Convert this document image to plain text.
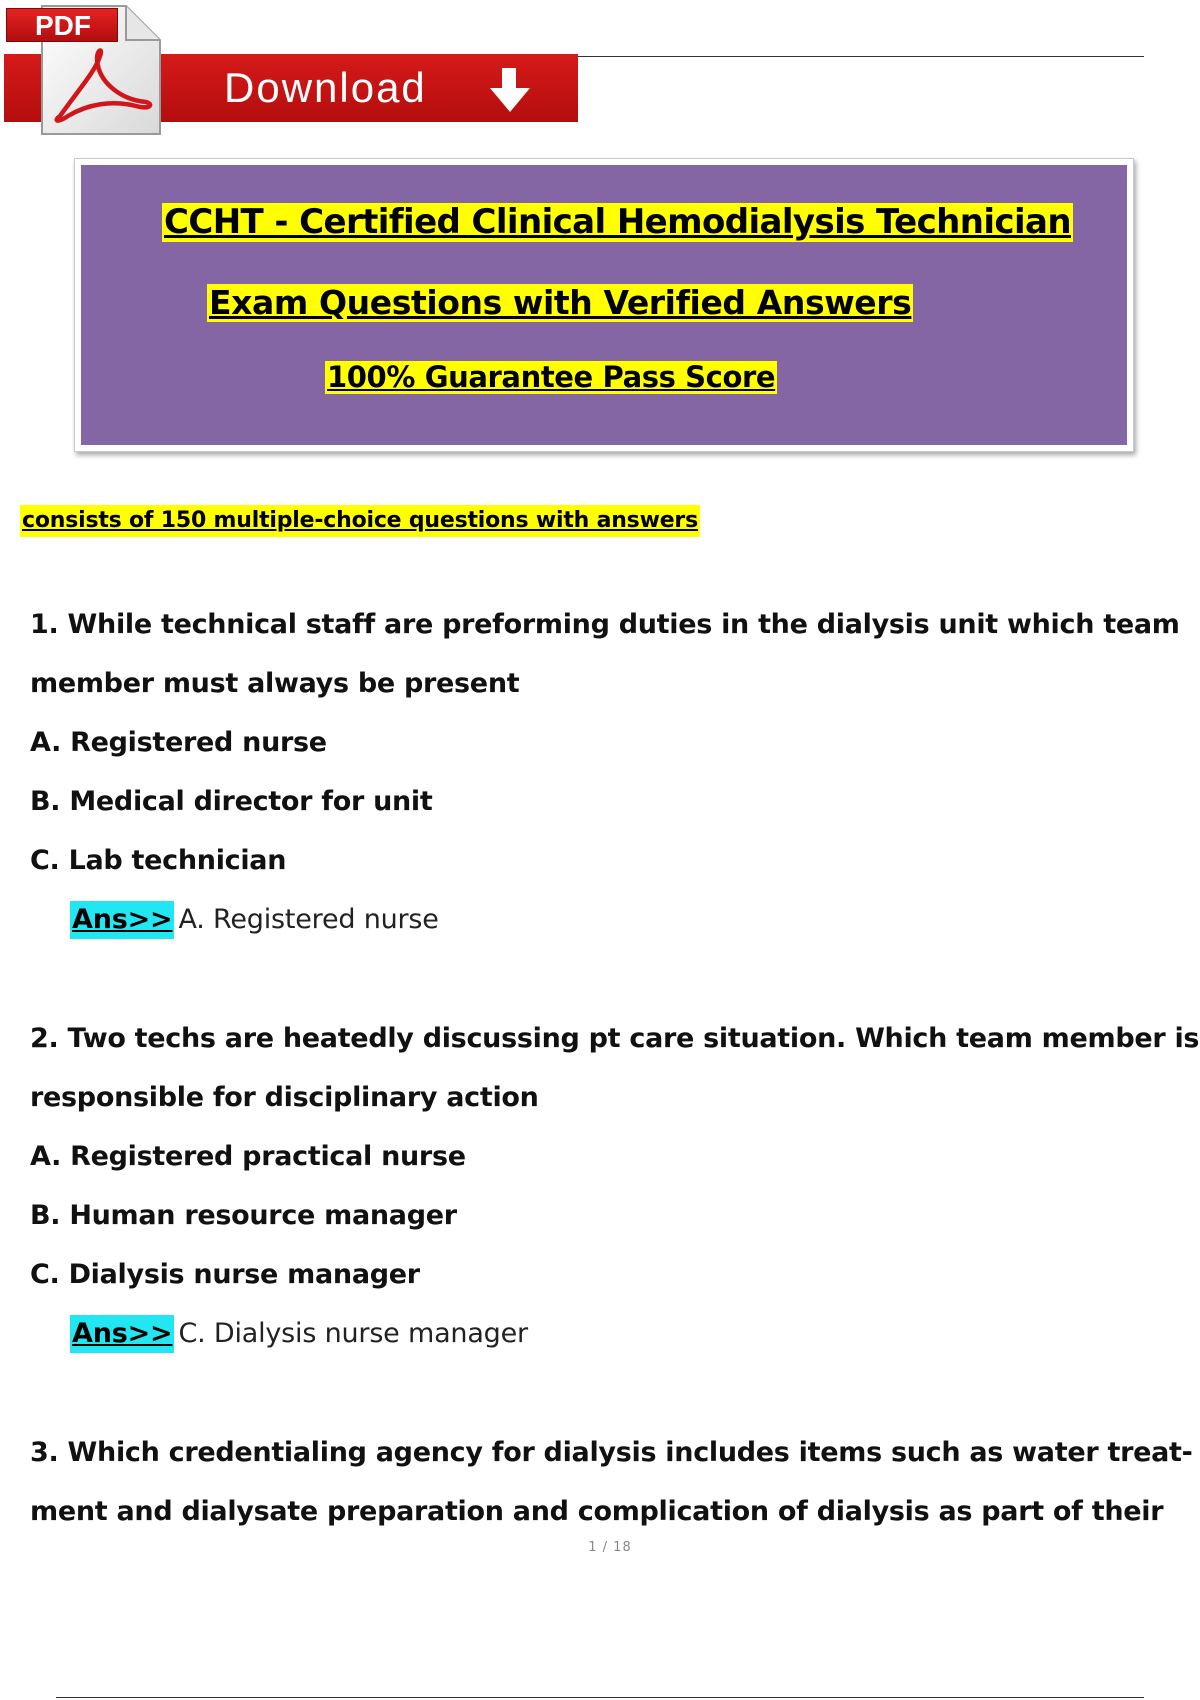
PDF
Download
CCHT - Certified Clinical Hemodialysis Technician
Exam Questions with Verified Answers
100% Guarantee Pass Score
consists of 150 multiple-choice questions with answers
1. While technical staff are preforming duties in the dialysis unit which team
member must always be present
A. Registered nurse
B. Medical director for unit
C. Lab technician
Ans>> A. Registered nurse
2. Two techs are heatedly discussing pt care situation. Which team member is
responsible for disciplinary action
A. Registered practical nurse
B. Human resource manager
C. Dialysis nurse manager
Ans>> C. Dialysis nurse manager
3. Which credentialing agency for dialysis includes items such as water treat-
ment and dialysate preparation and complication of dialysis as part of their
1 / 18
